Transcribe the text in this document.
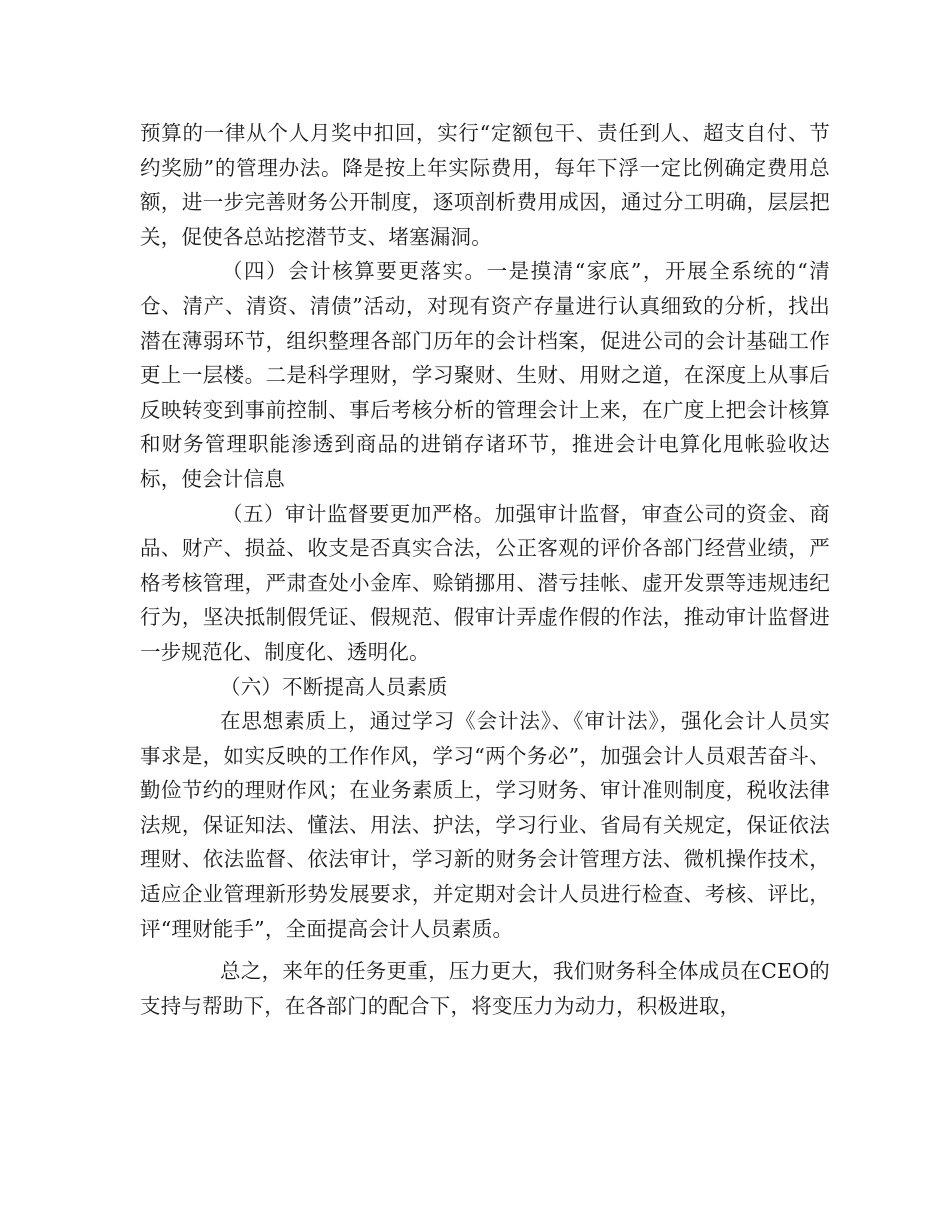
预算的一律从个人月奖中扣回，实行“定额包干、责任到人、超支自付、节约奖励”的管理办法。降是按上年实际费用，每年下浮一定比例确定费用总额，进一步完善财务公开制度，逐项剖析费用成因，通过分工明确，层层把关，促使各总站挖潜节支、堵塞漏洞。

（四）会计核算要更落实。一是摸清“家底”，开展全系统的“清仓、清产、清资、清债”活动，对现有资产存量进行认真细致的分析，找出潜在薄弱环节，组织整理各部门历年的会计档案，促进公司的会计基础工作更上一层楼。二是科学理财，学习聚财、生财、用财之道，在深度上从事后反映转变到事前控制、事后考核分析的管理会计上来，在广度上把会计核算和财务管理职能渗透到商品的进销存诸环节，推进会计电算化甩帐验收达标，使会计信息

（五）审计监督要更加严格。加强审计监督，审查公司的资金、商品、财产、损益、收支是否真实合法，公正客观的评价各部门经营业绩，严格考核管理，严肃查处小金库、赊销挪用、潜亏挂帐、虚开发票等违规违纪行为，坚决抵制假凭证、假规范、假审计弄虚作假的作法，推动审计监督进一步规范化、制度化、透明化。

（六）不断提高人员素质

在思想素质上，通过学习《会计法》、《审计法》，强化会计人员实事求是，如实反映的工作作风，学习“两个务必”，加强会计人员艰苦奋斗、勤俭节约的理财作风；在业务素质上，学习财务、审计准则制度，税收法律法规，保证知法、懂法、用法、护法，学习行业、省局有关规定，保证依法理财、依法监督、依法审计，学习新的财务会计管理方法、微机操作技术，适应企业管理新形势发展要求，并定期对会计人员进行检查、考核、评比，评“理财能手”，全面提高会计人员素质。

总之，来年的任务更重，压力更大，我们财务科全体成员在CEO的支持与帮助下，在各部门的配合下，将变压力为动力，积极进取，
